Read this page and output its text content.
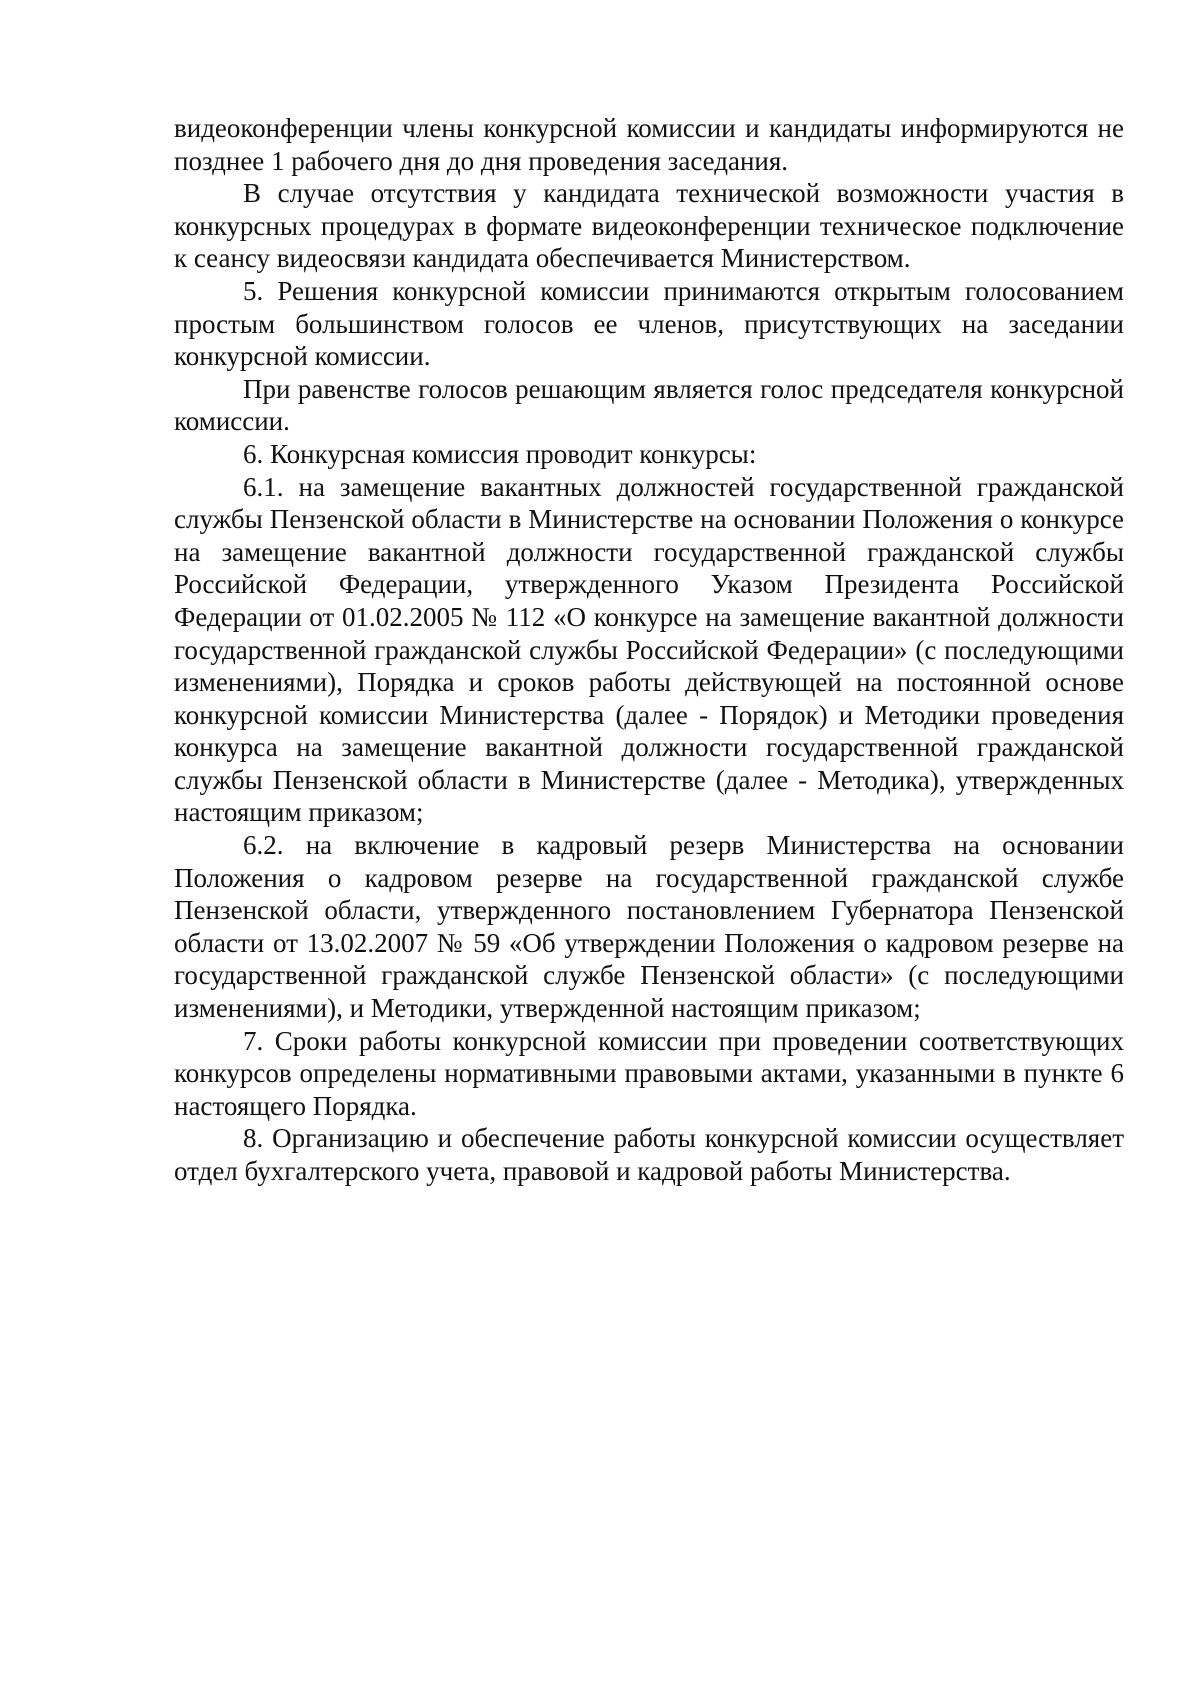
видеоконференции члены конкурсной комиссии и кандидаты информируются не позднее 1 рабочего дня до дня проведения заседания.

В случае отсутствия у кандидата технической возможности участия в конкурсных процедурах в формате видеоконференции техническое подключение к сеансу видеосвязи кандидата обеспечивается Министерством.

5. Решения конкурсной комиссии принимаются открытым голосованием простым большинством голосов ее членов, присутствующих на заседании конкурсной комиссии.

При равенстве голосов решающим является голос председателя конкурсной комиссии.

6. Конкурсная комиссия проводит конкурсы:

6.1. на замещение вакантных должностей государственной гражданской службы Пензенской области в Министерстве на основании Положения о конкурсе на замещение вакантной должности государственной гражданской службы Российской Федерации, утвержденного Указом Президента Российской Федерации от 01.02.2005 № 112 «О конкурсе на замещение вакантной должности государственной гражданской службы Российской Федерации» (с последующими изменениями), Порядка и сроков работы действующей на постоянной основе конкурсной комиссии Министерства (далее - Порядок) и Методики проведения конкурса на замещение вакантной должности государственной гражданской службы Пензенской области в Министерстве (далее - Методика), утвержденных настоящим приказом;

6.2. на включение в кадровый резерв Министерства на основании Положения о кадровом резерве на государственной гражданской службе Пензенской области, утвержденного постановлением Губернатора Пензенской области от 13.02.2007 № 59 «Об утверждении Положения о кадровом резерве на государственной гражданской службе Пензенской области» (с последующими изменениями), и Методики, утвержденной настоящим приказом;

7. Сроки работы конкурсной комиссии при проведении соответствующих конкурсов определены нормативными правовыми актами, указанными в пункте 6 настоящего Порядка.

8. Организацию и обеспечение работы конкурсной комиссии осуществляет отдел бухгалтерского учета, правовой и кадровой работы Министерства.
